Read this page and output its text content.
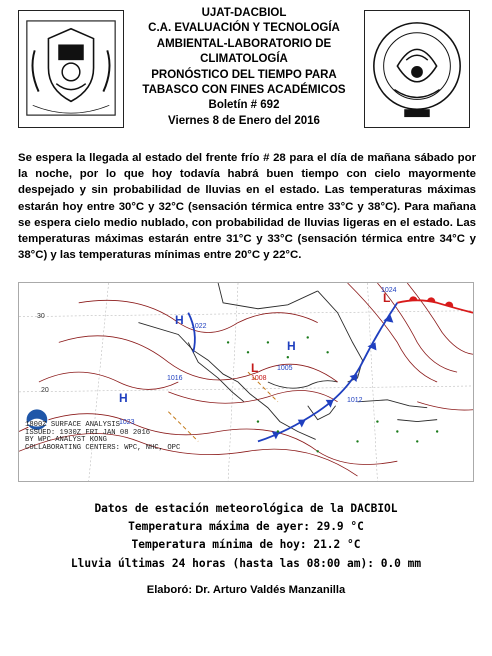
UJAT-DACBIOL
C.A. EVALUACIÓN Y TECNOLOGÍA
AMBIENTAL-LABORATORIO DE
CLIMATOLOGÍA
PRONÓSTICO DEL TIEMPO PARA
TABASCO CON FINES ACADÉMICOS
Boletín # 692
Viernes 8 de Enero del 2016
Se espera la llegada al estado del frente frío # 28 para el día de mañana sábado por la noche, por lo que hoy todavía habrá buen tiempo con cielo mayormente despejado y sin probabilidad de lluvias en el estado. Las temperaturas máximas estarán hoy entre 30°C y 32°C (sensación térmica entre 33°C y 38°C). Para mañana se espera cielo medio nublado, con probabilidad de lluvias ligeras en el estado. Las temperaturas máximas estarán entre 31°C y 33°C (sensación térmica entre 34°C y 38°C) y las temperaturas mínimas entre 20°C y 22°C.
30
20
H
H
H
L
L
1022
1016
1023
1008
1005
1012
1024
1800Z SURFACE ANALYSIS
ISSUED: 1930Z FRI JAN 08 2016
BY WPC ANALYST KONG
COLLABORATING CENTERS: WPC, NHC, OPC
Datos de estación meteorológica de la DACBIOL
Temperatura máxima de ayer: 29.9 °C
Temperatura mínima de hoy: 21.2 °C
Lluvia últimas 24 horas (hasta las 08:00 am): 0.0 mm
Elaboró: Dr. Arturo Valdés Manzanilla
